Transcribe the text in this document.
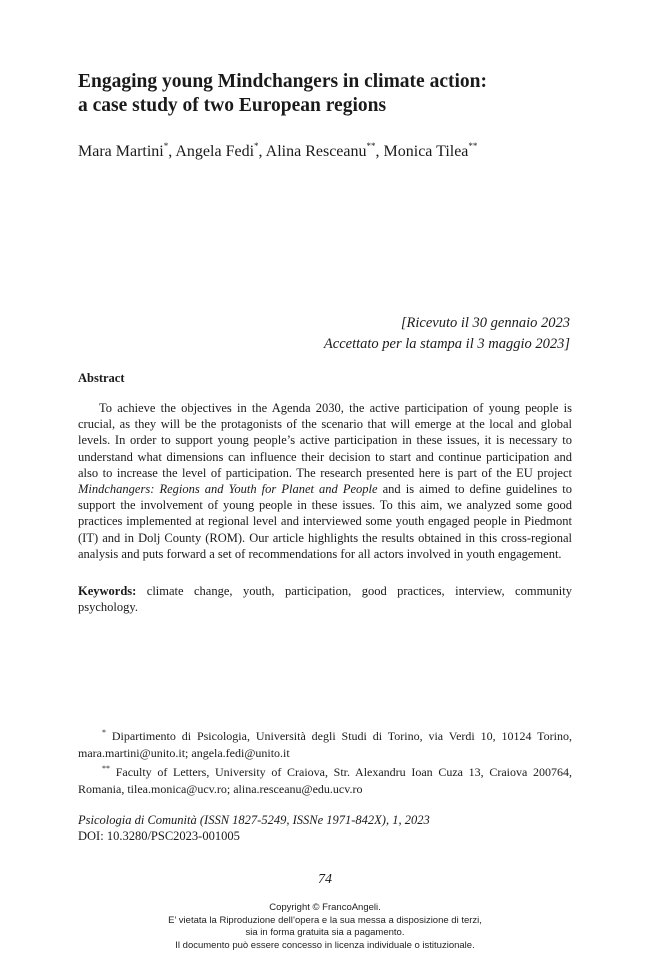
Engaging young Mindchangers in climate action:
a case study of two European regions
Mara Martini*, Angela Fedi*, Alina Resceanu**, Monica Tilea**
[Ricevuto il 30 gennaio 2023
Accettato per la stampa il 3 maggio 2023]
Abstract

To achieve the objectives in the Agenda 2030, the active participation of young people is crucial, as they will be the protagonists of the scenario that will emerge at the local and global levels. In order to support young people’s active participation in these issues, it is necessary to understand what dimensions can influence their decision to start and continue participation and also to increase the level of participation. The research presented here is part of the EU project Mindchangers: Regions and Youth for Planet and People and is aimed to define guidelines to support the involvement of young people in these issues. To this aim, we analyzed some good practices implemented at regional level and interviewed some youth engaged people in Piedmont (IT) and in Dolj County (ROM). Our article highlights the results obtained in this cross-regional analysis and puts forward a set of recommendations for all actors involved in youth engagement.

Keywords: climate change, youth, participation, good practices, interview, community psychology.

* Dipartimento di Psicologia, Università degli Studi di Torino, via Verdi 10, 10124 Torino, mara.martini@unito.it; angela.fedi@unito.it

** Faculty of Letters, University of Craiova, Str. Alexandru Ioan Cuza 13, Craiova 200764, Romania, tilea.monica@ucv.ro; alina.resceanu@edu.ucv.ro

Psicologia di Comunità (ISSN 1827-5249, ISSNe 1971-842X), 1, 2023
DOI: 10.3280/PSC2023-001005
74
Copyright © FrancoAngeli.
E’ vietata la Riproduzione dell’opera e la sua messa a disposizione di terzi,
sia in forma gratuita sia a pagamento.
Il documento può essere concesso in licenza individuale o istituzionale.
